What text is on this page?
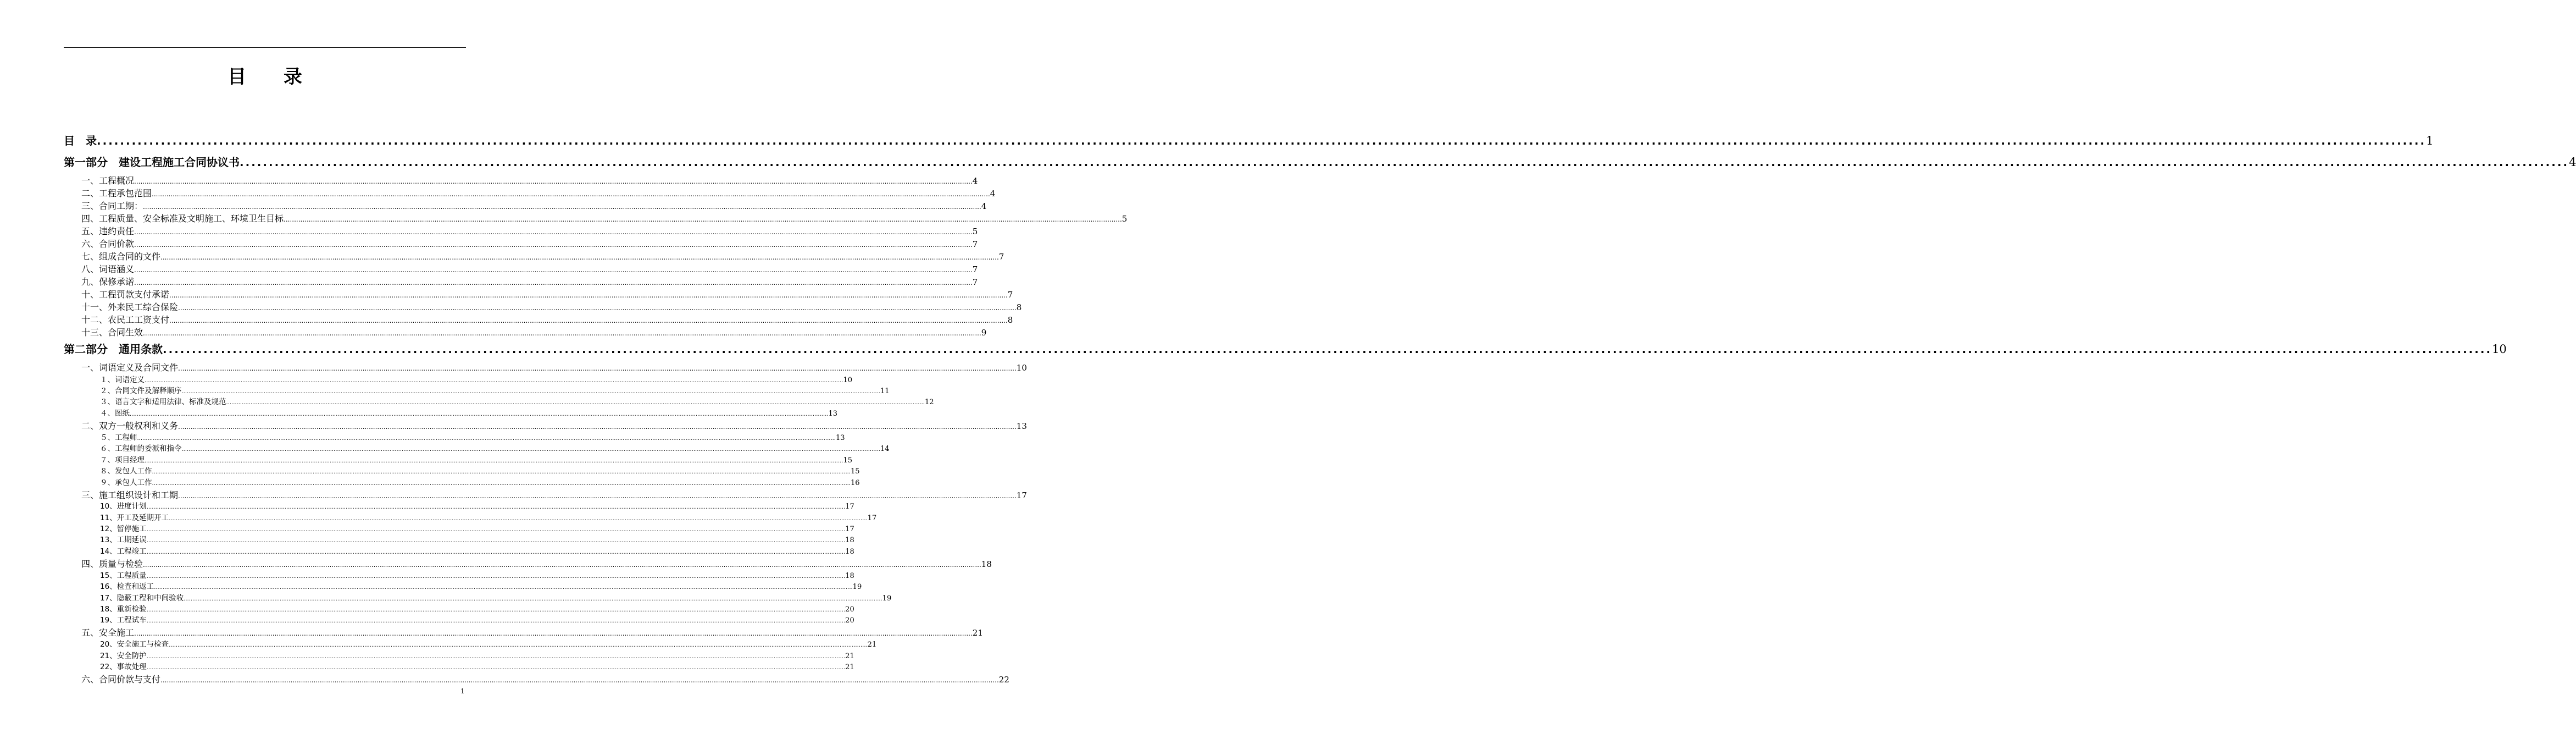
目 录
目　录 ................................................................................................................................................................................................................................................................................................................................................................................................................ 1
第一部分　建设工程施工合同协议书 ................................................................................................................................................................................................................................................................................................................................................................................................................ 4
一、工程概况 ................................................................................................................................................................................................................................................................................................................................................................................................................ 4
二、工程承包范围 ................................................................................................................................................................................................................................................................................................................................................................................................................ 4
三、合同工期： ................................................................................................................................................................................................................................................................................................................................................................................................................ 4
四、工程质量、安全标准及文明施工、环境卫生目标 ................................................................................................................................................................................................................................................................................................................................................................................................................ 5
五、违约责任 ................................................................................................................................................................................................................................................................................................................................................................................................................ 5
六、合同价款 ................................................................................................................................................................................................................................................................................................................................................................................................................ 7
七、组成合同的文件 ................................................................................................................................................................................................................................................................................................................................................................................................................ 7
八、词语涵义 ................................................................................................................................................................................................................................................................................................................................................................................................................ 7
九、保修承诺 ................................................................................................................................................................................................................................................................................................................................................................................................................ 7
十、工程罚款支付承诺 ................................................................................................................................................................................................................................................................................................................................................................................................................ 7
十一、外来民工综合保险 ................................................................................................................................................................................................................................................................................................................................................................................................................ 8
十二、农民工工资支付 ................................................................................................................................................................................................................................................................................................................................................................................................................ 8
十三、合同生效 ................................................................................................................................................................................................................................................................................................................................................................................................................ 9
第二部分　通用条款 ................................................................................................................................................................................................................................................................................................................................................................................................................ 10
一、词语定义及合同文件 ................................................................................................................................................................................................................................................................................................................................................................................................................ 10
１、词语定义 ................................................................................................................................................................................................................................................................................................................................................................................................................ 10
２、合同文件及解释顺序 ................................................................................................................................................................................................................................................................................................................................................................................................................ 11
３、语言文字和适用法律、标准及规范 ................................................................................................................................................................................................................................................................................................................................................................................................................ 12
４、图纸 ................................................................................................................................................................................................................................................................................................................................................................................................................ 13
二、双方一般权利和义务 ................................................................................................................................................................................................................................................................................................................................................................................................................ 13
５、工程师 ................................................................................................................................................................................................................................................................................................................................................................................................................ 13
６、工程师的委派和指令 ................................................................................................................................................................................................................................................................................................................................................................................................................ 14
７、项目经理 ................................................................................................................................................................................................................................................................................................................................................................................................................ 15
８、发包人工作 ................................................................................................................................................................................................................................................................................................................................................................................................................ 15
９、承包人工作 ................................................................................................................................................................................................................................................................................................................................................................................................................ 16
三、施工组织设计和工期 ................................................................................................................................................................................................................................................................................................................................................................................................................ 17
10、进度计划 ................................................................................................................................................................................................................................................................................................................................................................................................................ 17
11、开工及延期开工 ................................................................................................................................................................................................................................................................................................................................................................................................................ 17
12、暂停施工 ................................................................................................................................................................................................................................................................................................................................................................................................................ 17
13、工期延误 ................................................................................................................................................................................................................................................................................................................................................................................................................ 18
14、工程竣工 ................................................................................................................................................................................................................................................................................................................................................................................................................ 18
四、质量与检验 ................................................................................................................................................................................................................................................................................................................................................................................................................ 18
15、工程质量 ................................................................................................................................................................................................................................................................................................................................................................................................................ 18
16、检查和返工 ................................................................................................................................................................................................................................................................................................................................................................................................................ 19
17、隐蔽工程和中间验收 ................................................................................................................................................................................................................................................................................................................................................................................................................ 19
18、重新检验 ................................................................................................................................................................................................................................................................................................................................................................................................................ 20
19、工程试车 ................................................................................................................................................................................................................................................................................................................................................................................................................ 20
五、安全施工 ................................................................................................................................................................................................................................................................................................................................................................................................................ 21
20、安全施工与检查 ................................................................................................................................................................................................................................................................................................................................................................................................................ 21
21、安全防护 ................................................................................................................................................................................................................................................................................................................................................................................................................ 21
22、事故处理 ................................................................................................................................................................................................................................................................................................................................................................................................................ 21
六、合同价款与支付 ................................................................................................................................................................................................................................................................................................................................................................................................................ 22
1
